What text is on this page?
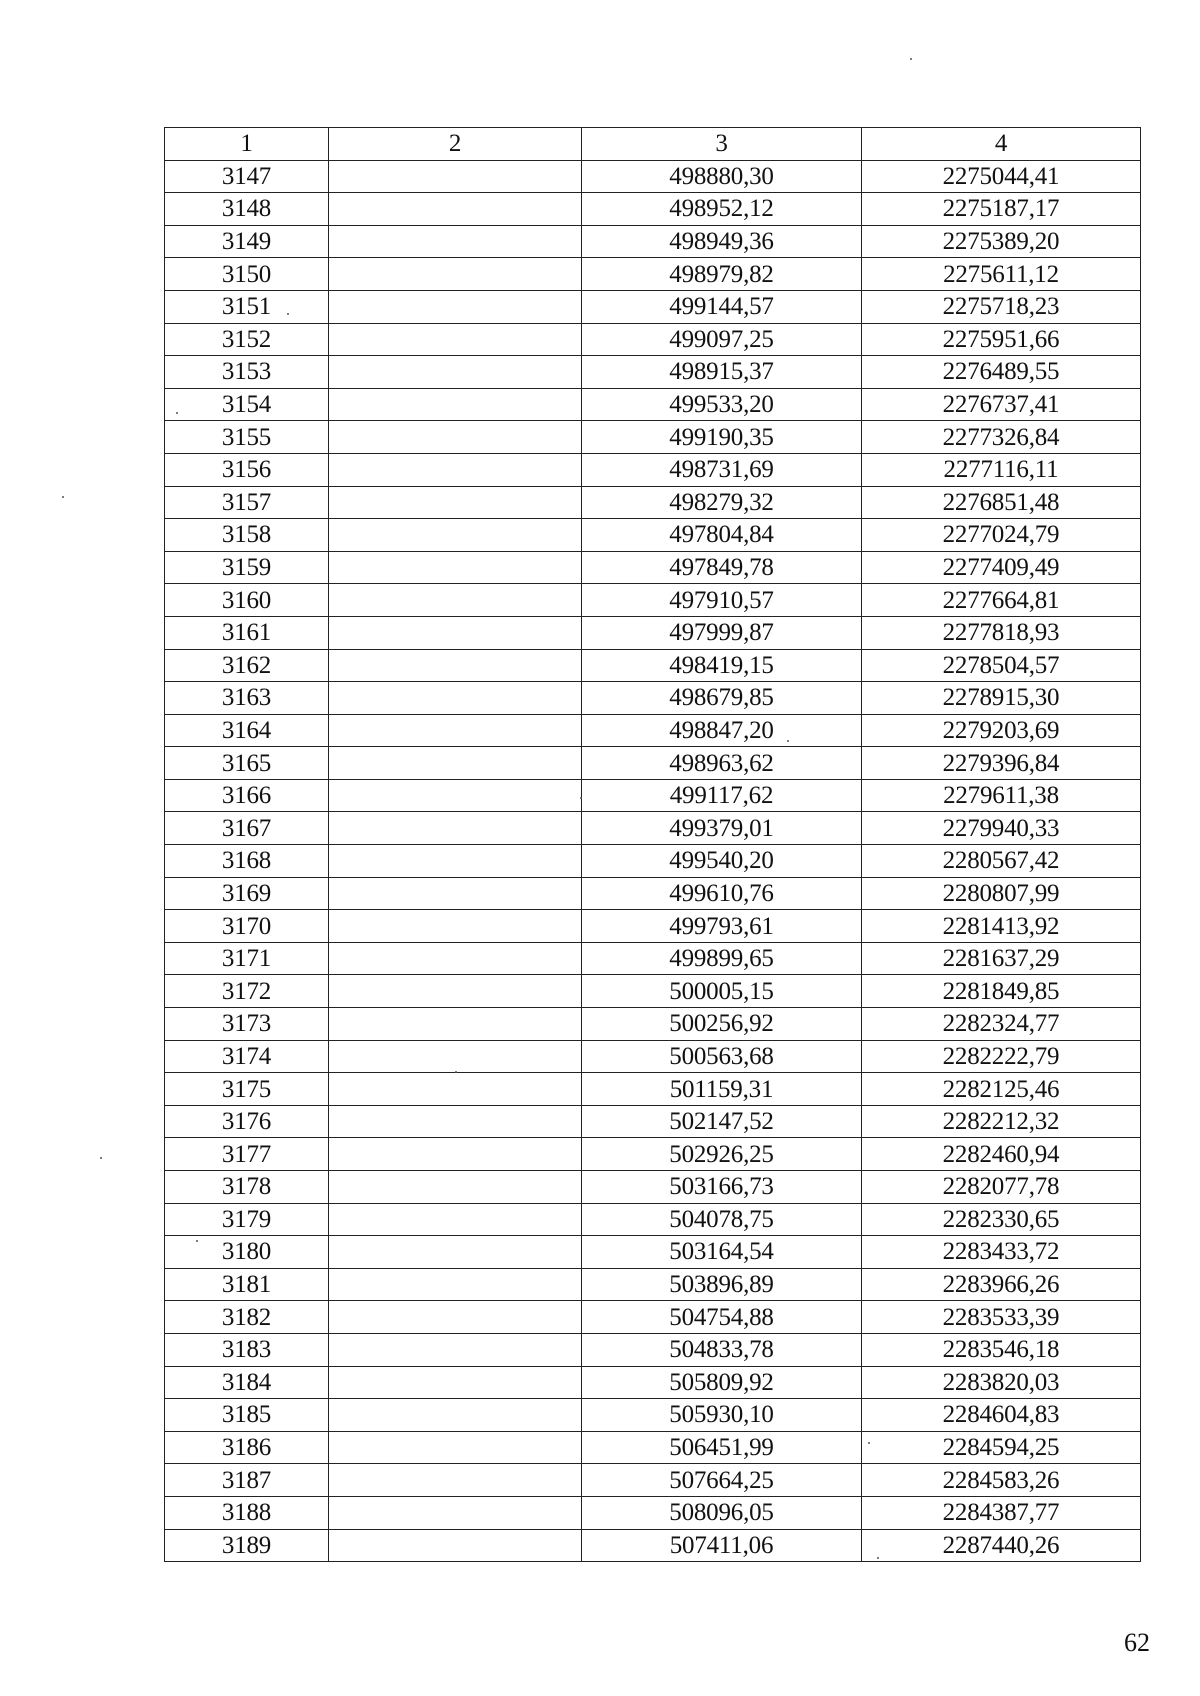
1	2	3	4
3147		498880,30	2275044,41
3148		498952,12	2275187,17
3149		498949,36	2275389,20
3150		498979,82	2275611,12
3151		499144,57	2275718,23
3152		499097,25	2275951,66
3153		498915,37	2276489,55
3154		499533,20	2276737,41
3155		499190,35	2277326,84
3156		498731,69	2277116,11
3157		498279,32	2276851,48
3158		497804,84	2277024,79
3159		497849,78	2277409,49
3160		497910,57	2277664,81
3161		497999,87	2277818,93
3162		498419,15	2278504,57
3163		498679,85	2278915,30
3164		498847,20	2279203,69
3165		498963,62	2279396,84
3166		499117,62	2279611,38
3167		499379,01	2279940,33
3168		499540,20	2280567,42
3169		499610,76	2280807,99
3170		499793,61	2281413,92
3171		499899,65	2281637,29
3172		500005,15	2281849,85
3173		500256,92	2282324,77
3174		500563,68	2282222,79
3175		501159,31	2282125,46
3176		502147,52	2282212,32
3177		502926,25	2282460,94
3178		503166,73	2282077,78
3179		504078,75	2282330,65
3180		503164,54	2283433,72
3181		503896,89	2283966,26
3182		504754,88	2283533,39
3183		504833,78	2283546,18
3184		505809,92	2283820,03
3185		505930,10	2284604,83
3186		506451,99	2284594,25
3187		507664,25	2284583,26
3188		508096,05	2284387,77
3189		507411,06	2287440,26
62
